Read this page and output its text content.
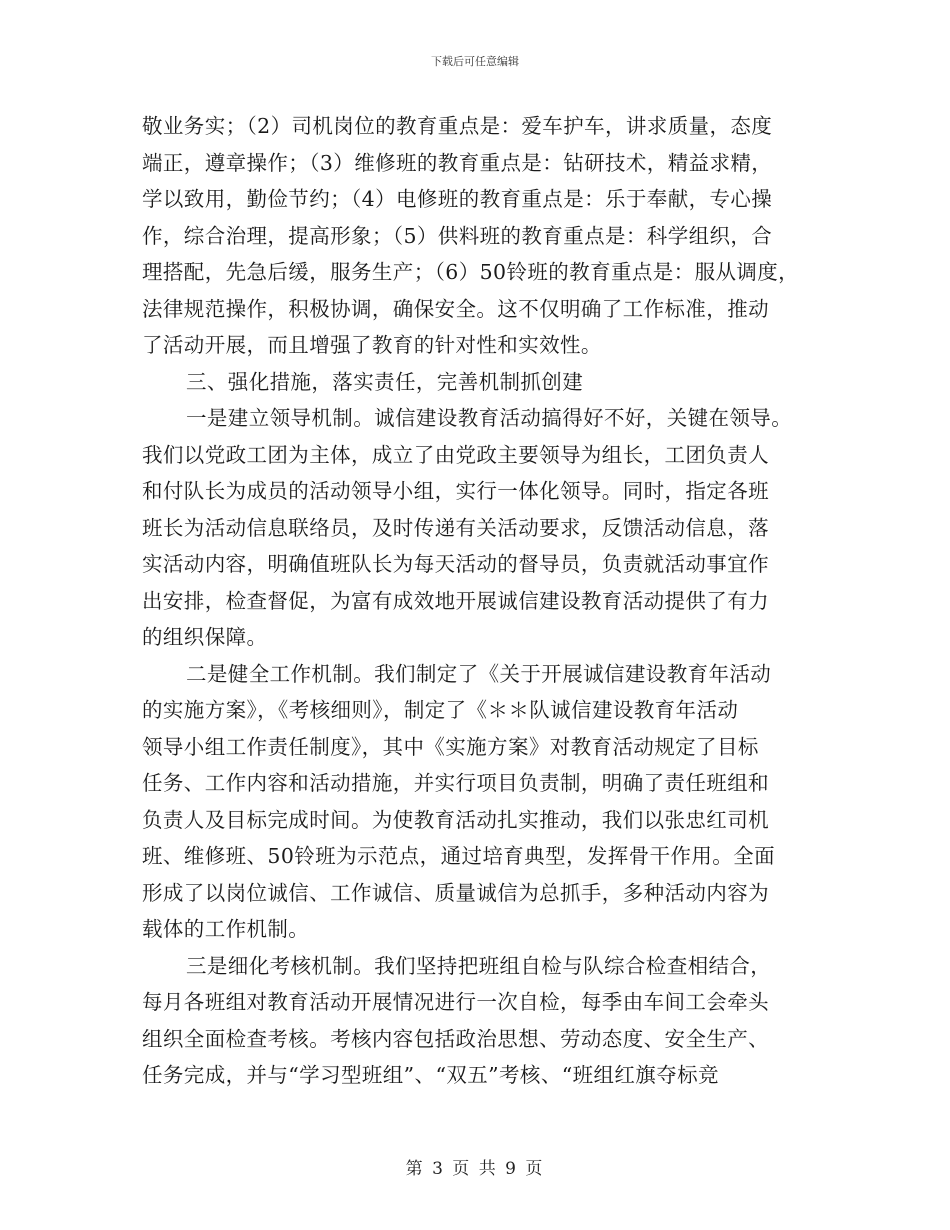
下载后可任意编辑
敬业务实；（2）司机岗位的教育重点是：爱车护车，讲求质量，态度
端正，遵章操作；（3）维修班的教育重点是：钻研技术，精益求精，
学以致用，勤俭节约；（4）电修班的教育重点是：乐于奉献，专心操
作，综合治理，提高形象；（5）供料班的教育重点是：科学组织，合
理搭配，先急后缓，服务生产；（6）50铃班的教育重点是：服从调度，
法律规范操作，积极协调，确保安全。这不仅明确了工作标准，推动
了活动开展，而且增强了教育的针对性和实效性。
三、强化措施，落实责任，完善机制抓创建
一是建立领导机制。诚信建设教育活动搞得好不好，关键在领导。
我们以党政工团为主体，成立了由党政主要领导为组长，工团负责人
和付队长为成员的活动领导小组，实行一体化领导。同时，指定各班
班长为活动信息联络员，及时传递有关活动要求，反馈活动信息，落
实活动内容，明确值班队长为每天活动的督导员，负责就活动事宜作
出安排，检查督促，为富有成效地开展诚信建设教育活动提供了有力
的组织保障。
二是健全工作机制。我们制定了《关于开展诚信建设教育年活动
的实施方案》，《考核细则》，制定了《＊＊队诚信建设教育年活动
领导小组工作责任制度》，其中《实施方案》对教育活动规定了目标
任务、工作内容和活动措施，并实行项目负责制，明确了责任班组和
负责人及目标完成时间。为使教育活动扎实推动，我们以张忠红司机
班、维修班、50铃班为示范点，通过培育典型，发挥骨干作用。全面
形成了以岗位诚信、工作诚信、质量诚信为总抓手，多种活动内容为
载体的工作机制。
三是细化考核机制。我们坚持把班组自检与队综合检查相结合，
每月各班组对教育活动开展情况进行一次自检，每季由车间工会牵头
组织全面检查考核。考核内容包括政治思想、劳动态度、安全生产、
任务完成，并与“学习型班组”、“双五”考核、“班组红旗夺标竞
第 3 页 共 9 页
